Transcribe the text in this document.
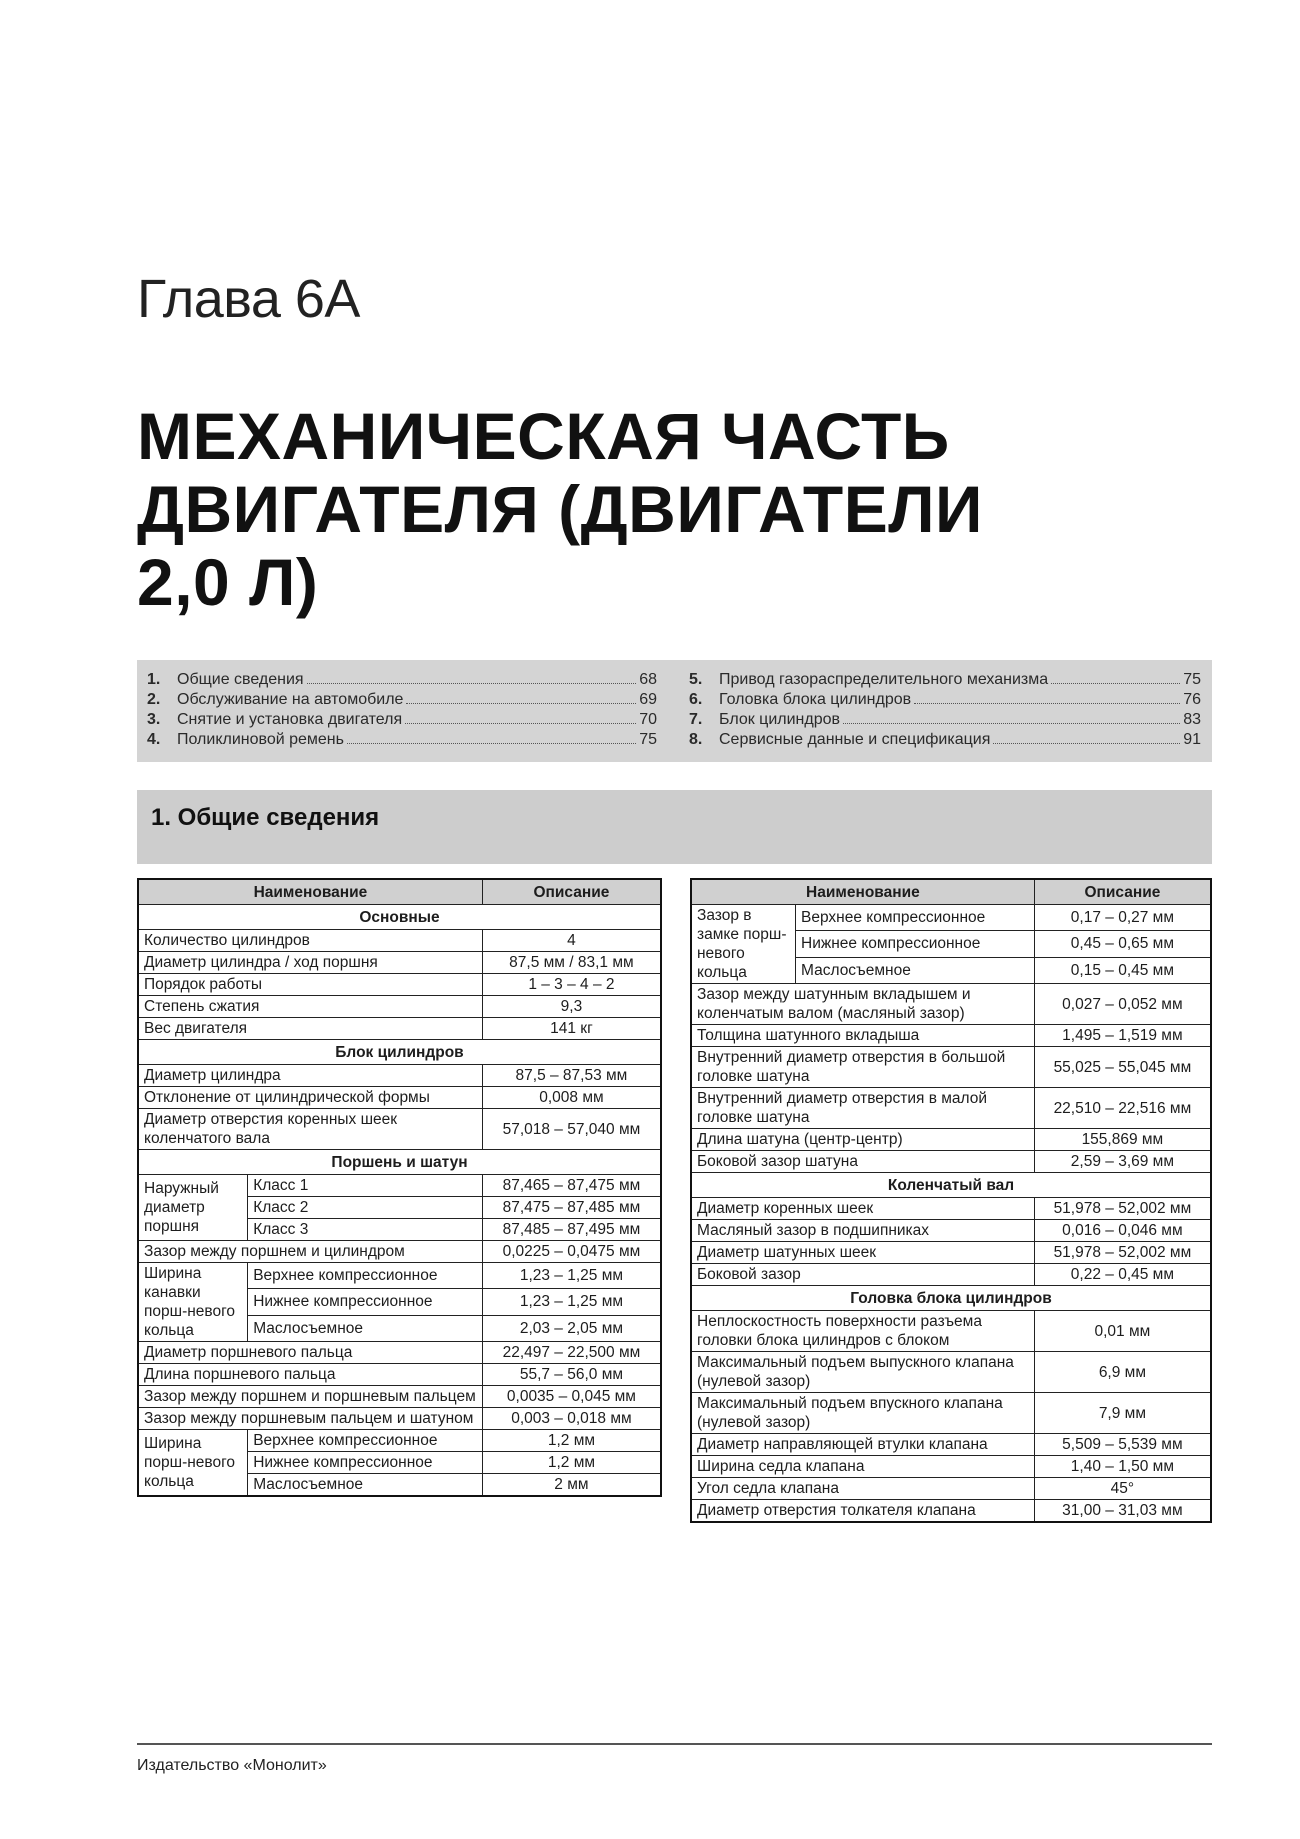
Глава 6А
МЕХАНИЧЕСКАЯ ЧАСТЬ ДВИГАТЕЛЯ (ДВИГАТЕЛИ 2,0 Л)
1.	Общие сведения	68
2.	Обслуживание на автомобиле	69
3.	Снятие и установка двигателя	70
4.	Поликлиновой ремень	75
5.	Привод газораспределительного механизма	75
6.	Головка блока цилиндров	76
7.	Блок цилиндров	83
8.	Сервисные данные и спецификация	91
1. Общие сведения
Наименование		Описание
Основные		
Количество цилиндров		4
Диаметр цилиндра / ход поршня		87,5 мм / 83,1 мм
Порядок работы		1 – 3 – 4 – 2
Степень сжатия		9,3
Вес двигателя		141 кг
Блок цилиндров		
Диаметр цилиндра		87,5 – 87,53 мм
Отклонение от цилиндрической формы		0,008 мм
Диаметр отверстия коренных шеек коленчатого вала		57,018 – 57,040 мм
Поршень и шатун		
Наружный диаметр поршня	Класс 1	87,465 – 87,475 мм
	Класс 2	87,475 – 87,485 мм
	Класс 3	87,485 – 87,495 мм
Зазор между поршнем и цилиндром		0,0225 – 0,0475 мм
Ширина канавки порш-невого кольца	Верхнее компрессионное	1,23 – 1,25 мм
	Нижнее компрессионное	1,23 – 1,25 мм
	Маслосъемное	2,03 – 2,05 мм
Диаметр поршневого пальца		22,497 – 22,500 мм
Длина поршневого пальца		55,7 – 56,0 мм
Зазор между поршнем и поршневым пальцем		0,0035 – 0,045 мм
Зазор между поршневым пальцем и шатуном		0,003 – 0,018 мм
Ширина порш-невого кольца	Верхнее компрессионное	1,2 мм
	Нижнее компрессионное	1,2 мм
	Маслосъемное	2 мм
Наименование		Описание
Зазор в замке порш-невого кольца	Верхнее компрессионное	0,17 – 0,27 мм
	Нижнее компрессионное	0,45 – 0,65 мм
	Маслосъемное	0,15 – 0,45 мм
Зазор между шатунным вкладышем и коленчатым валом (масляный зазор)		0,027 – 0,052 мм
Толщина шатунного вкладыша		1,495 – 1,519 мм
Внутренний диаметр отверстия в большой головке шатуна		55,025 – 55,045 мм
Внутренний диаметр отверстия в малой головке шатуна		22,510 – 22,516 мм
Длина шатуна (центр-центр)		155,869 мм
Боковой зазор шатуна		2,59 – 3,69 мм
Коленчатый вал		
Диаметр коренных шеек		51,978 – 52,002 мм
Масляный зазор в подшипниках		0,016 – 0,046 мм
Диаметр шатунных шеек		51,978 – 52,002 мм
Боковой зазор		0,22 – 0,45 мм
Головка блока цилиндров		
Неплоскостность поверхности разъема головки блока цилиндров с блоком		0,01 мм
Максимальный подъем выпускного клапана (нулевой зазор)		6,9 мм
Максимальный подъем впускного клапана (нулевой зазор)		7,9 мм
Диаметр направляющей втулки клапана		5,509 – 5,539 мм
Ширина седла клапана		1,40 – 1,50 мм
Угол седла клапана		45°
Диаметр отверстия толкателя клапана		31,00 – 31,03 мм
Издательство «Монолит»
